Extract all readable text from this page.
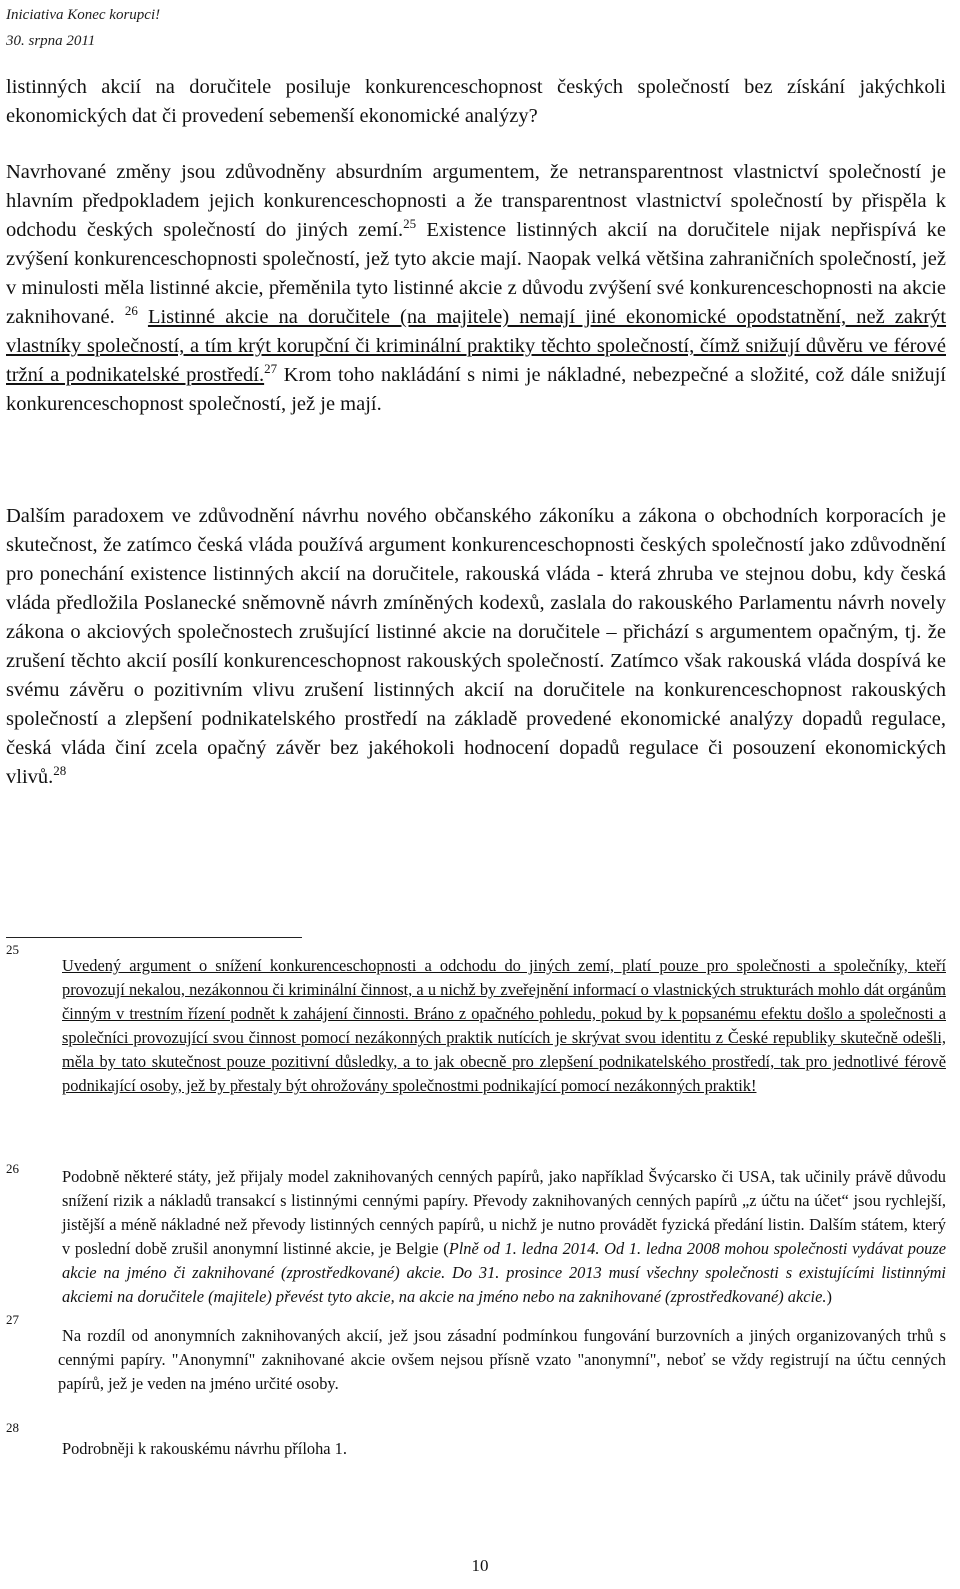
Iniciativa Konec korupci!
30. srpna 2011

listinných akcií na doručitele posiluje konkurenceschopnost českých společností bez získání jakýchkoli ekonomických dat či provedení sebemenší ekonomické analýzy?

Navrhované změny jsou zdůvodněny absurdním argumentem, že netransparentnost vlastnictví společností je hlavním předpokladem jejich konkurenceschopnosti a že transparentnost vlastnictví společností by přispěla k odchodu českých společností do jiných zemí.$^{25}$ Existence listinných akcií na doručitele nijak nepřispívá ke zvýšení konkurenceschopnosti společností, jež tyto akcie mají. Naopak velká většina zahraničních společností, jež v minulosti měla listinné akcie, přeměnila tyto listinné akcie z důvodu zvýšení své konkurenceschopnosti na akcie zaknihované. $^{26}$ Listinné akcie na doručitele (na majitele) nemají jiné ekonomické opodstatnění, než zakrýt vlastníky společností, a tím krýt korupční či kriminální praktiky těchto společností, čímž snižují důvěru ve férové tržní a podnikatelské prostředí.$^{27}$ Krom toho nakládání s nimi je nákladné, nebezpečné a složité, což dále snižují konkurenceschopnost společností, jež je mají.

Dalším paradoxem ve zdůvodnění návrhu nového občanského zákoníku a zákona o obchodních korporacích je skutečnost, že zatímco česká vláda používá argument konkurenceschopnosti českých společností jako zdůvodnění pro ponechání existence listinných akcií na doručitele, rakouská vláda - která zhruba ve stejnou dobu, kdy česká vláda předložila Poslanecké sněmovně návrh zmíněných kodexů, zaslala do rakouského Parlamentu návrh novely zákona o akciových společnostech zrušující listinné akcie na doručitele – přichází s argumentem opačným, tj. že zrušení těchto akcií posílí konkurenceschopnost rakouských společností. Zatímco však rakouská vláda dospívá ke svému závěru o pozitivním vlivu zrušení listinných akcií na doručitele na konkurenceschopnost rakouských společností a zlepšení podnikatelského prostředí na základě provedené ekonomické analýzy dopadů regulace, česká vláda činí zcela opačný závěr bez jakéhokoli hodnocení dopadů regulace či posouzení ekonomických vlivů.$^{28}$

25
Uvedený argument o snížení konkurenceschopnosti a odchodu do jiných zemí, platí pouze pro společnosti a společníky, kteří provozují nekalou, nezákonnou či kriminální činnost, a u nichž by zveřejnění informací o vlastnických strukturách mohlo dát orgánům činným v trestním řízení podnět k zahájení činnosti. Bráno z opačného pohledu, pokud by k popsanému efektu došlo a společnosti a společníci provozující svou činnost pomocí nezákonných praktik nutících je skrývat svou identitu z České republiky skutečně odešli, měla by tato skutečnost pouze pozitivní důsledky, a to jak obecně pro zlepšení podnikatelského prostředí, tak pro jednotlivé férově podnikající osoby, jež by přestaly být ohrožovány společnostmi podnikající pomocí nezákonných praktik!
26	Podobně některé státy, jež přijaly model zaknihovaných cenných papírů, jako například Švýcarsko či USA, tak učinily právě důvodu snížení rizik a nákladů transakcí s listinnými cennými papíry. Převody zaknihovaných cenných papírů „z účtu na účet“ jsou rychlejší, jistější a méně nákladné než převody listinných cenných papírů, u nichž je nutno provádět fyzická předání listin. Dalším státem, který v poslední době zrušil anonymní listinné akcie, je Belgie (Plně od 1. ledna 2014. Od 1. ledna 2008 mohou společnosti vydávat pouze akcie na jméno či zaknihované (zprostředkované) akcie. Do 31. prosince 2013 musí všechny společnosti s existujícími listinnými akciemi na doručitele (majitele) převést tyto akcie, na akcie na jméno nebo na zaknihované (zprostředkované) akcie.)
27
Na rozdíl od anonymních zaknihovaných akcií, jež jsou zásadní podmínkou fungování burzovních a jiných organizovaných trhů s cennými papíry. "Anonymní" zaknihované akcie ovšem nejsou přísně vzato "anonymní", neboť se vždy registrují na účtu cenných papírů, jež je veden na jméno určité osoby.
28
Podrobněji k rakouskému návrhu příloha 1.
10
